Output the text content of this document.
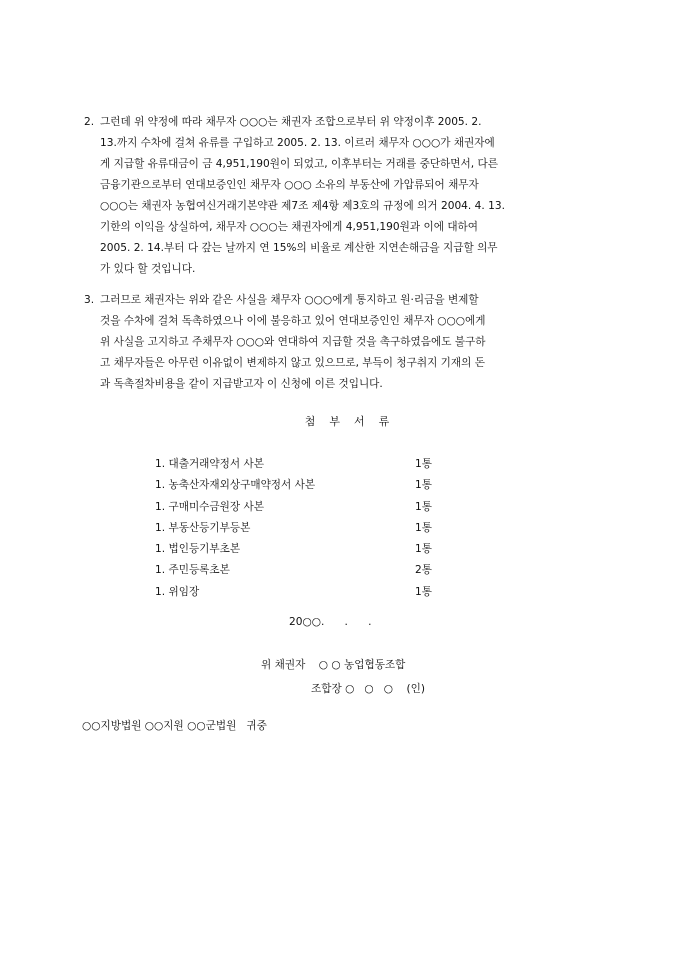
2. 그런데 위 약정에 따라 채무자 ○○○는 채권자 조합으로부터 위 약정이후 2005. 2.
13.까지 수차에 걸쳐 유류를 구입하고 2005. 2. 13. 이르러 채무자 ○○○가 채권자에
게 지급할 유류대금이 금 4,951,190원이 되었고, 이후부터는 거래를 중단하면서, 다른
금융기관으로부터 연대보증인인 채무자 ○○○ 소유의 부동산에 가압류되어 채무자
○○○는 채권자 농협여신거래기본약관 제7조 제4항 제3호의 규정에 의거 2004. 4. 13.
기한의 이익을 상실하여, 채무자 ○○○는 채권자에게 4,951,190원과 이에 대하여
2005. 2. 14.부터 다 갚는 날까지 연 15%의 비율로 계산한 지연손해금을 지급할 의무
가 있다 할 것입니다.
3. 그러므로 채권자는 위와 같은 사실을 채무자 ○○○에게 통지하고 원·리금을 변제할
것을 수차에 걸쳐 독촉하였으나 이에 불응하고 있어 연대보증인인 채무자 ○○○에게
위 사실을 고지하고 주채무자 ○○○와 연대하여 지급할 것을 촉구하였음에도 불구하
고 채무자들은 아무런 이유없이 변제하지 않고 있으므로, 부득이 청구취지 기재의 돈
과 독촉절차비용을 같이 지급받고자 이 신청에 이른 것입니다.
첨부서류
1. 대출거래약정서 사본	1통
1. 농축산자재외상구매약정서 사본	1통
1. 구매미수금원장 사본	1통
1. 부동산등기부등본	1통
1. 법인등기부초본	1통
1. 주민등록초본	2통
1. 위임장	1통
20○○.      .      .
위 채권자    ○ ○ 농업협동조합
조합장 ○   ○   ○    (인)
○○지방법원 ○○지원 ○○군법원   귀중
